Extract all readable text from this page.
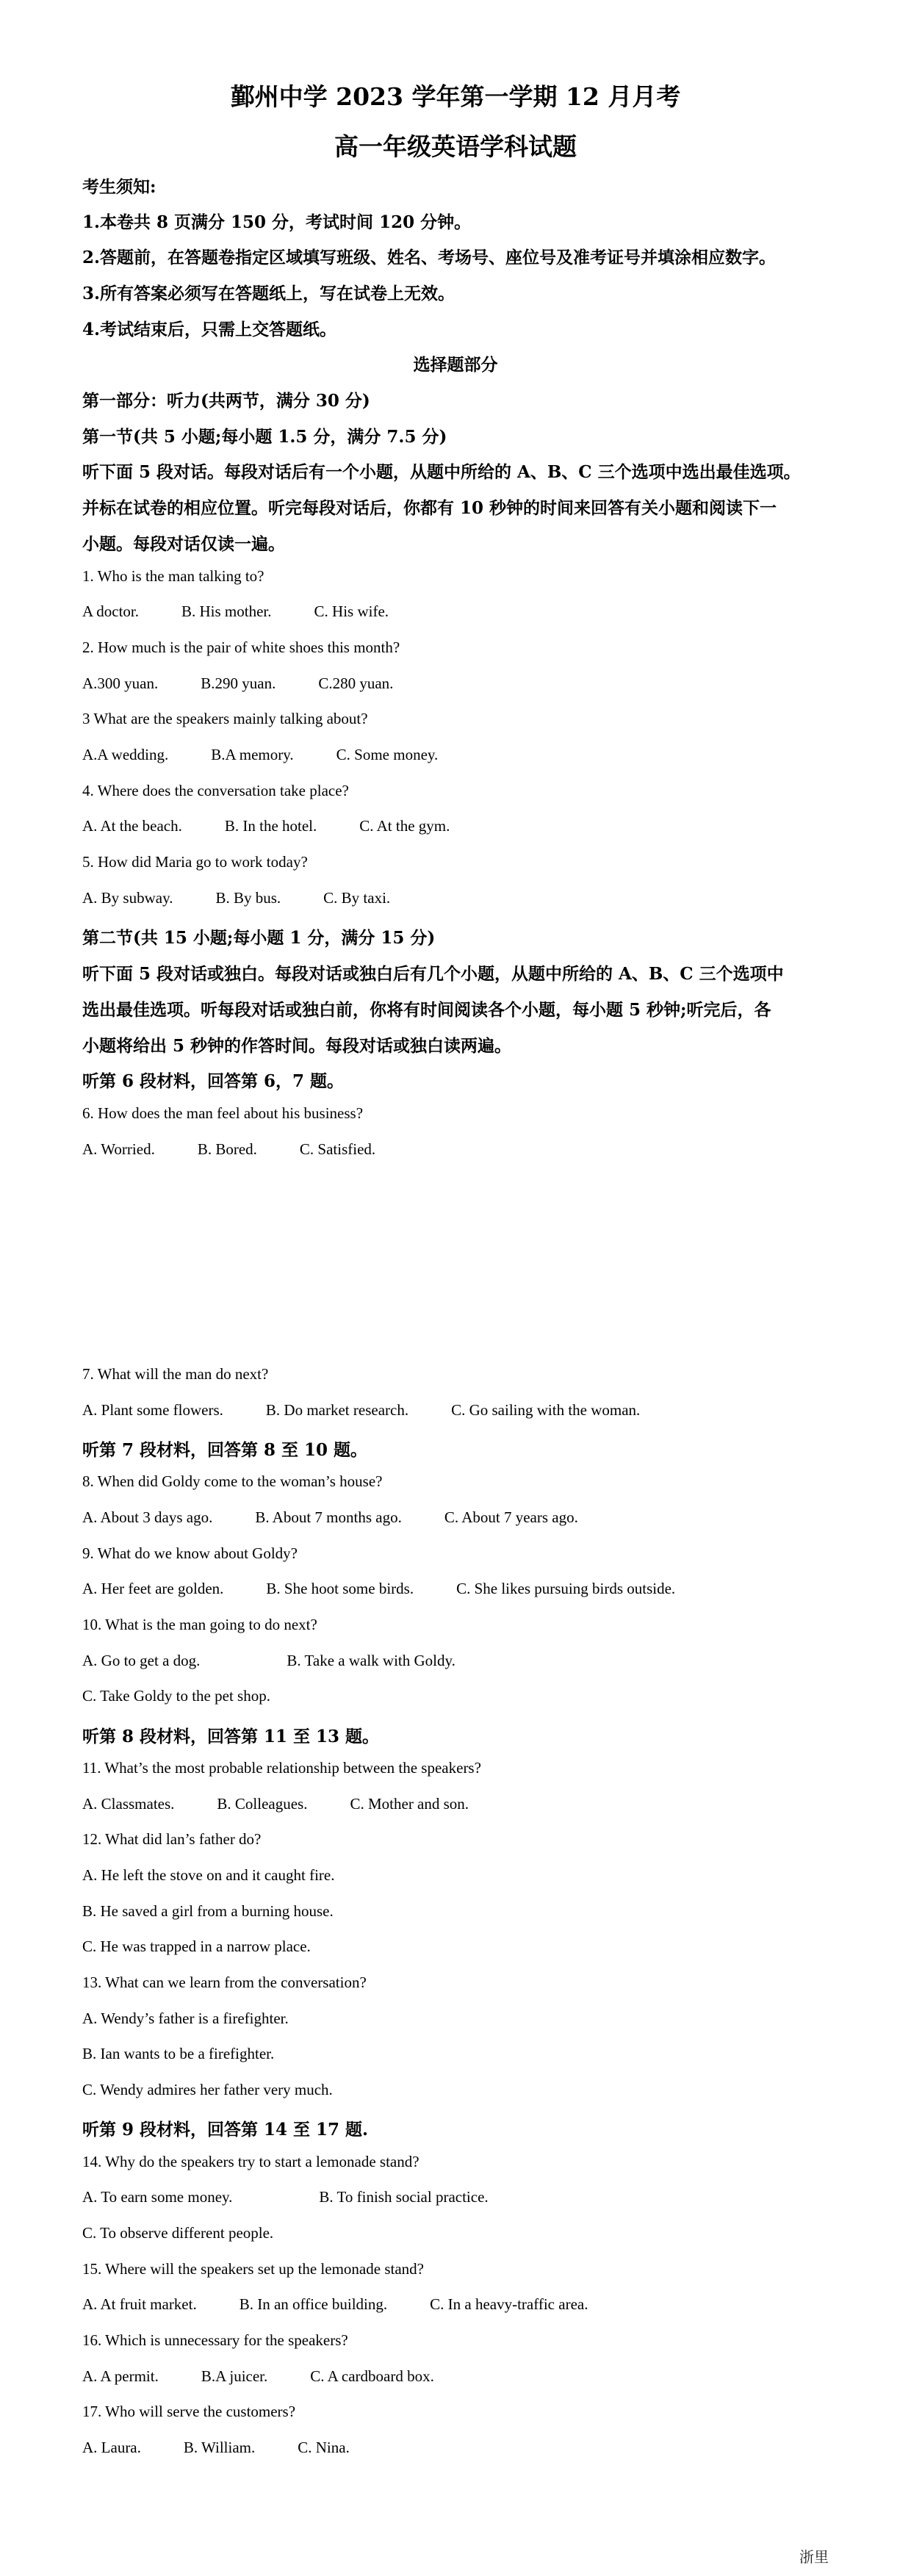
鄞州中学 2023 学年第一学期 12 月月考
高一年级英语学科试题
考生须知:
1.本卷共 8 页满分 150 分，考试时间 120 分钟。
2.答题前，在答题卷指定区域填写班级、姓名、考场号、座位号及准考证号并填涂相应数字。
3.所有答案必须写在答题纸上，写在试卷上无效。
4.考试结束后，只需上交答题纸。
选择题部分
第一部分：听力(共两节，满分 30 分)
第一节(共 5 小题;每小题 1.5 分，满分 7.5 分)
听下面 5 段对话。每段对话后有一个小题，从题中所给的 A、B、C 三个选项中选出最佳选项。
并标在试卷的相应位置。听完每段对话后，你都有 10 秒钟的时间来回答有关小题和阅读下一
小题。每段对话仅读一遍。
1. Who is the man talking to?
A doctor.	B. His mother.	C. His wife.
2. How much is the pair of white shoes this month?
A.300 yuan.	B.290 yuan.	C.280 yuan.
3 What are the speakers mainly talking about?
A.A wedding.	B.A memory.	C. Some money.
4. Where does the conversation take place?
A. At the beach.	B. In the hotel.	C. At the gym.
5. How did Maria go to work today?
A. By subway.	B. By bus.	C. By taxi.
第二节(共 15 小题;每小题 1 分，满分 15 分)
听下面 5 段对话或独白。每段对话或独白后有几个小题，从题中所给的 A、B、C 三个选项中
选出最佳选项。听每段对话或独白前，你将有时间阅读各个小题，每小题 5 秒钟;听完后，各
小题将给出 5 秒钟的作答时间。每段对话或独白读两遍。
听第 6 段材料，回答第 6，7 题。
6. How does the man feel about his business?
A. Worried.	B. Bored.	C. Satisfied.
7. What will the man do next?
A. Plant some flowers.	B. Do market research.	C. Go sailing with the woman.
听第 7 段材料，回答第 8 至 10 题。
8. When did Goldy come to the woman’s house?
A. About 3 days ago.	B. About 7 months ago.	C. About 7 years ago.
9. What do we know about Goldy?
A. Her feet are golden.	B. She hoot some birds.	C. She likes pursuing birds outside.
10. What is the man going to do next?
A. Go to get a dog.	B. Take a walk with Goldy.
C. Take Goldy to the pet shop.
听第 8 段材料，回答第 11 至 13 题。
11. What’s the most probable relationship between the speakers?
A. Classmates.	B. Colleagues.	C. Mother and son.
12. What did lan’s father do?
A. He left the stove on and it caught fire.
B. He saved a girl from a burning house.
C. He was trapped in a narrow place.
13. What can we learn from the conversation?
A. Wendy’s father is a firefighter.
B. Ian wants to be a firefighter.
C. Wendy admires her father very much.
听第 9 段材料，回答第 14 至 17 题.
14. Why do the speakers try to start a lemonade stand?
A. To earn some money.	B. To finish social practice.
C. To observe different people.
15. Where will the speakers set up the lemonade stand?
A. At fruit market.	B. In an office building.	C. In a heavy-traffic area.
16. Which is unnecessary for the speakers?
A. A permit.	B.A juicer.	C. A cardboard box.
17. Who will serve the customers?
A. Laura.	B. William.	C. Nina.
浙里
